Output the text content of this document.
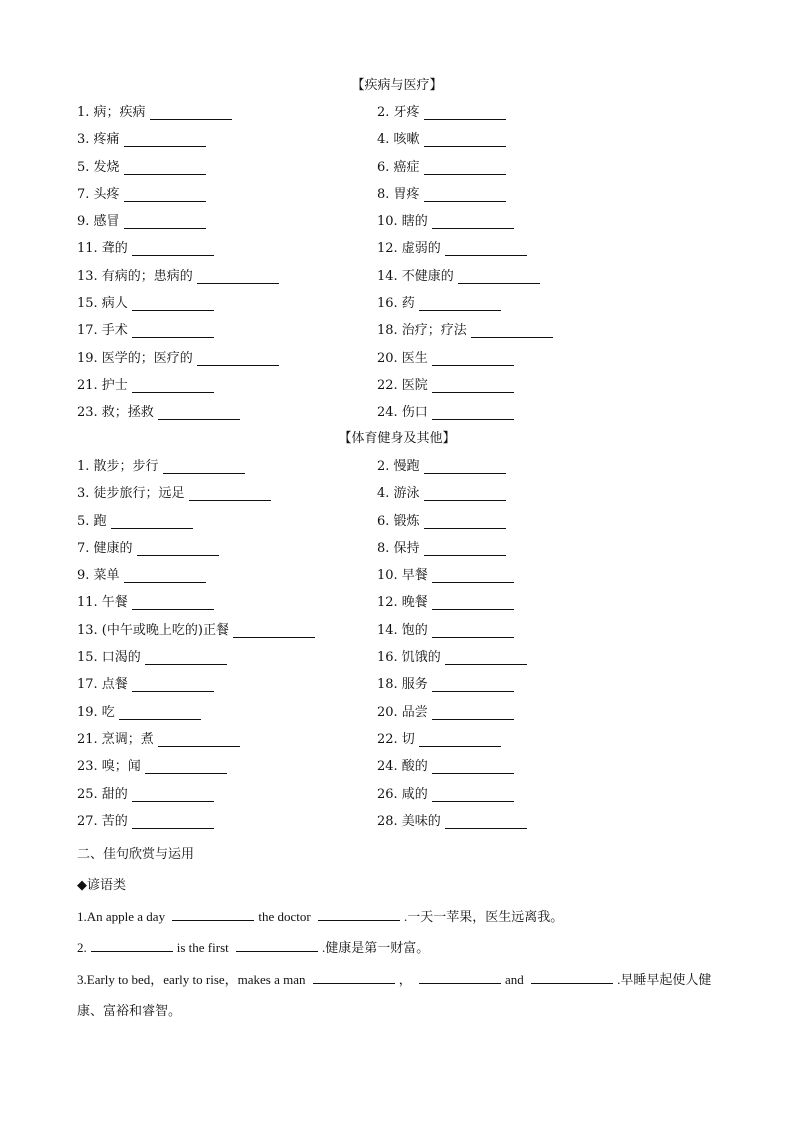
【疾病与医疗】
1. 病；疾病	2. 牙疼
3. 疼痛	4. 咳嗽
5. 发烧	6. 癌症
7. 头疼	8. 胃疼
9. 感冒	10. 瞎的
11. 聋的	12. 虚弱的
13. 有病的；患病的	14. 不健康的
15. 病人	16. 药
17. 手术	18. 治疗；疗法
19. 医学的；医疗的	20. 医生
21. 护士	22. 医院
23. 救；拯救	24. 伤口
【体育健身及其他】
1. 散步；步行	2. 慢跑
3. 徒步旅行；远足	4. 游泳
5. 跑	6. 锻炼
7. 健康的	8. 保持
9. 菜单	10. 早餐
11. 午餐	12. 晚餐
13. (中午或晚上吃的)正餐	14. 饱的
15. 口渴的	16. 饥饿的
17. 点餐	18. 服务
19. 吃	20. 品尝
21. 烹调；煮	22. 切
23. 嗅；闻	24. 酸的
25. 甜的	26. 咸的
27. 苦的	28. 美味的
二、佳句欣赏与运用
◆谚语类
1.An apple a day	the doctor	.一天一苹果，医生远离我。
2.	is the first	.健康是第一财富。
3.Early to bed，early to rise，makes a man	，	and	.早睡早起使人健
康、富裕和睿智。
